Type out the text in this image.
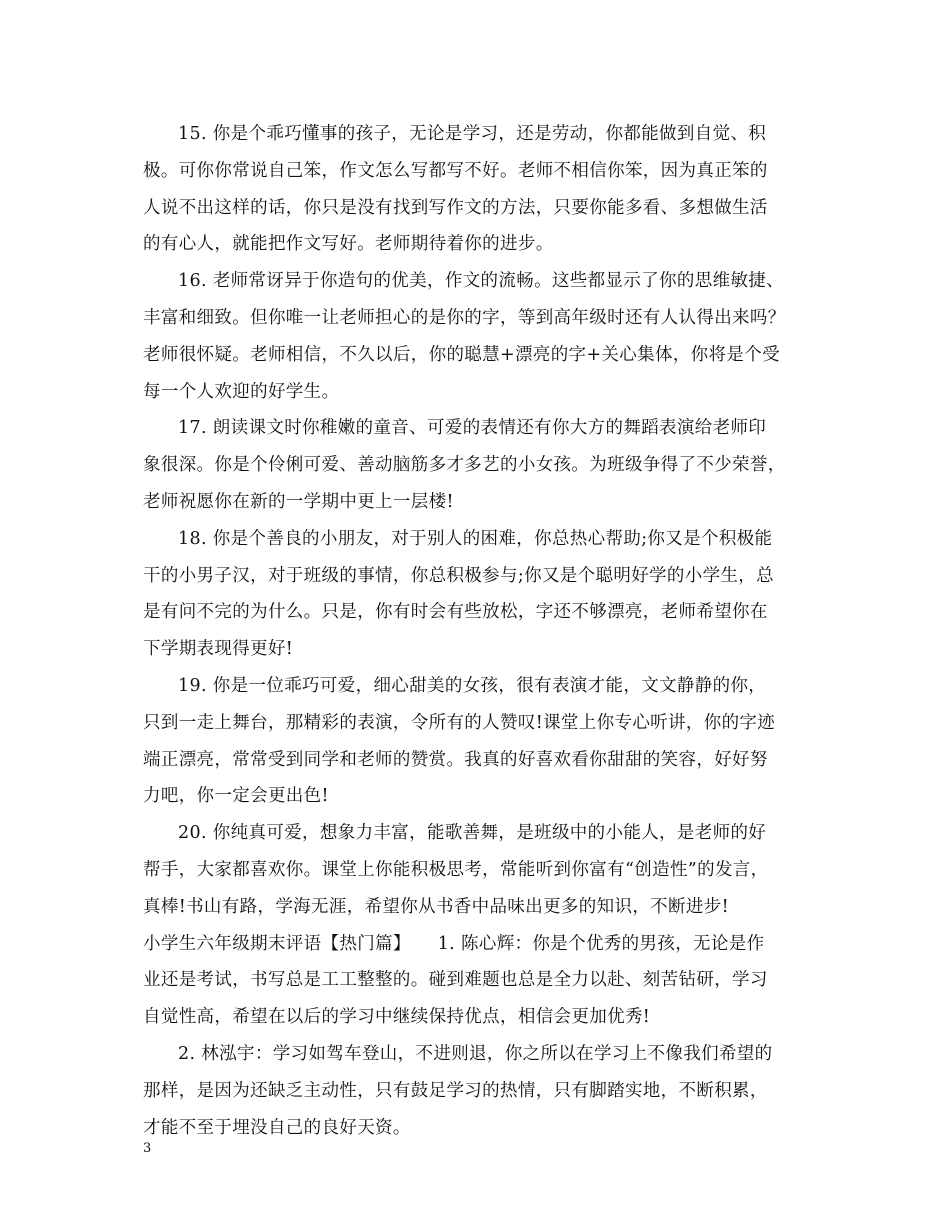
15. 你是个乖巧懂事的孩子，无论是学习，还是劳动，你都能做到自觉、积
极。可你你常说自己笨，作文怎么写都写不好。老师不相信你笨，因为真正笨的
人说不出这样的话，你只是没有找到写作文的方法，只要你能多看、多想做生活
的有心人，就能把作文写好。老师期待着你的进步。
16. 老师常讶异于你造句的优美，作文的流畅。这些都显示了你的思维敏捷、
丰富和细致。但你唯一让老师担心的是你的字，等到高年级时还有人认得出来吗？
老师很怀疑。老师相信，不久以后，你的聪慧+漂亮的字+关心集体，你将是个受
每一个人欢迎的好学生。
17. 朗读课文时你稚嫩的童音、可爱的表情还有你大方的舞蹈表演给老师印
象很深。你是个伶俐可爱、善动脑筋多才多艺的小女孩。为班级争得了不少荣誉，
老师祝愿你在新的一学期中更上一层楼!
18. 你是个善良的小朋友，对于别人的困难，你总热心帮助;你又是个积极能
干的小男子汉，对于班级的事情，你总积极参与;你又是个聪明好学的小学生，总
是有问不完的为什么。只是，你有时会有些放松，字还不够漂亮，老师希望你在
下学期表现得更好!
19. 你是一位乖巧可爱，细心甜美的女孩，很有表演才能，文文静静的你，
只到一走上舞台，那精彩的表演，令所有的人赞叹!课堂上你专心听讲，你的字迹
端正漂亮，常常受到同学和老师的赞赏。我真的好喜欢看你甜甜的笑容，好好努
力吧，你一定会更出色!
20. 你纯真可爱，想象力丰富，能歌善舞，是班级中的小能人，是老师的好
帮手，大家都喜欢你。课堂上你能积极思考，常能听到你富有“创造性”的发言，
真棒!书山有路，学海无涯，希望你从书香中品味出更多的知识，不断进步!
小学生六年级期末评语【热门篇】　　1. 陈心辉：你是个优秀的男孩，无论是作
业还是考试，书写总是工工整整的。碰到难题也总是全力以赴、刻苦钻研，学习
自觉性高，希望在以后的学习中继续保持优点，相信会更加优秀!
2. 林泓宇：学习如驾车登山，不进则退，你之所以在学习上不像我们希望的
那样，是因为还缺乏主动性，只有鼓足学习的热情，只有脚踏实地，不断积累，
才能不至于埋没自己的良好天资。
3
